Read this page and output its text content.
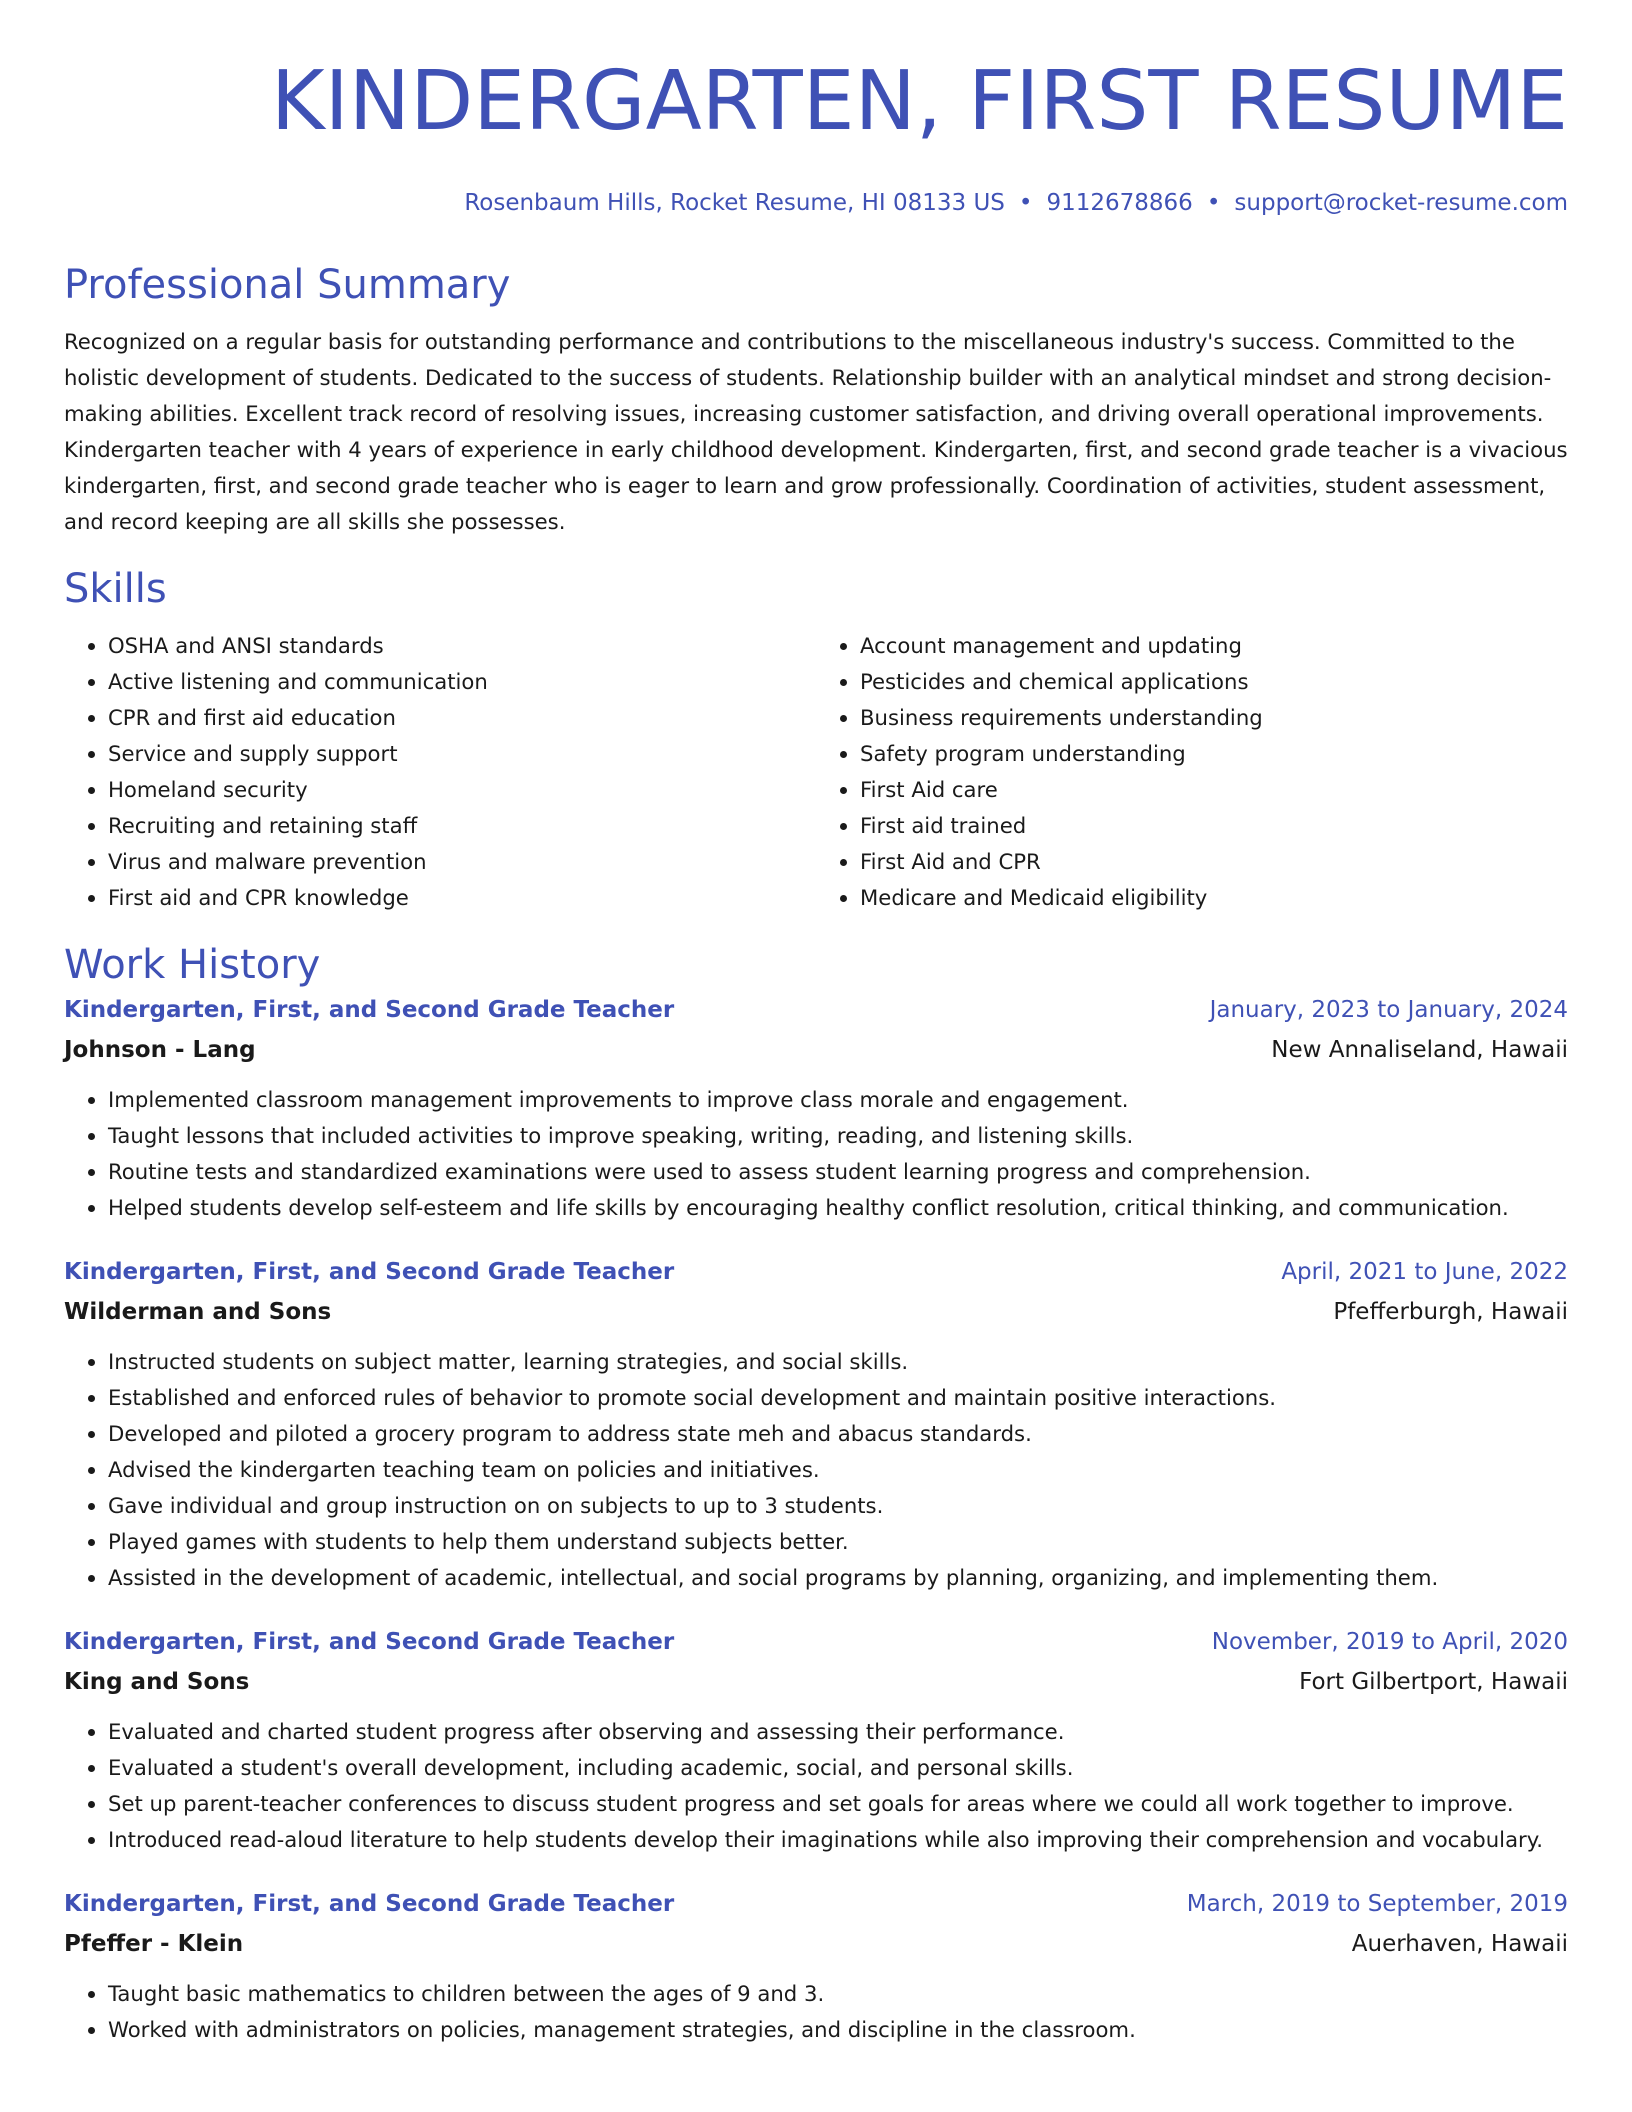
KINDERGARTEN, FIRST RESUME
Rosenbaum Hills, Rocket Resume, HI 08133 US • 9112678866 • support@rocket-resume.com
Professional Summary
Recognized on a regular basis for outstanding performance and contributions to the miscellaneous industry's success. Committed to the holistic development of students. Dedicated to the success of students. Relationship builder with an analytical mindset and strong decision-making abilities. Excellent track record of resolving issues, increasing customer satisfaction, and driving overall operational improvements. Kindergarten teacher with 4 years of experience in early childhood development. Kindergarten, first, and second grade teacher is a vivacious kindergarten, first, and second grade teacher who is eager to learn and grow professionally. Coordination of activities, student assessment, and record keeping are all skills she possesses.
Skills
• OSHA and ANSI standards
• Active listening and communication
• CPR and first aid education
• Service and supply support
• Homeland security
• Recruiting and retaining staff
• Virus and malware prevention
• First aid and CPR knowledge
• Account management and updating
• Pesticides and chemical applications
• Business requirements understanding
• Safety program understanding
• First Aid care
• First aid trained
• First Aid and CPR
• Medicare and Medicaid eligibility
Work History
Kindergarten, First, and Second Grade Teacher	January, 2023 to January, 2024
Johnson - Lang	New Annaliseland, Hawaii
• Implemented classroom management improvements to improve class morale and engagement.
• Taught lessons that included activities to improve speaking, writing, reading, and listening skills.
• Routine tests and standardized examinations were used to assess student learning progress and comprehension.
• Helped students develop self-esteem and life skills by encouraging healthy conflict resolution, critical thinking, and communication.
Kindergarten, First, and Second Grade Teacher	April, 2021 to June, 2022
Wilderman and Sons	Pfefferburgh, Hawaii
• Instructed students on subject matter, learning strategies, and social skills.
• Established and enforced rules of behavior to promote social development and maintain positive interactions.
• Developed and piloted a grocery program to address state meh and abacus standards.
• Advised the kindergarten teaching team on policies and initiatives.
• Gave individual and group instruction on on subjects to up to 3 students.
• Played games with students to help them understand subjects better.
• Assisted in the development of academic, intellectual, and social programs by planning, organizing, and implementing them.
Kindergarten, First, and Second Grade Teacher	November, 2019 to April, 2020
King and Sons	Fort Gilbertport, Hawaii
• Evaluated and charted student progress after observing and assessing their performance.
• Evaluated a student's overall development, including academic, social, and personal skills.
• Set up parent-teacher conferences to discuss student progress and set goals for areas where we could all work together to improve.
• Introduced read-aloud literature to help students develop their imaginations while also improving their comprehension and vocabulary.
Kindergarten, First, and Second Grade Teacher	March, 2019 to September, 2019
Pfeffer - Klein	Auerhaven, Hawaii
• Taught basic mathematics to children between the ages of 9 and 3.
• Worked with administrators on policies, management strategies, and discipline in the classroom.
